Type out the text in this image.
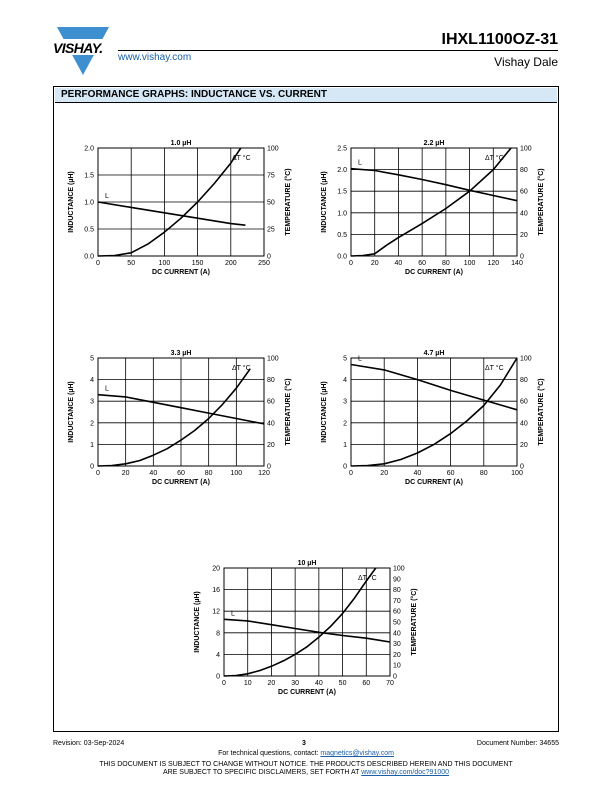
VISHAY.
www.vishay.com
IHXL1100OZ-31
Vishay Dale
PERFORMANCE GRAPHS: INDUCTANCE VS. CURRENT
1.0 µH
0	50	100	150	200	250
0.0
0.5
1.0
1.5
2.0
0
25
50
75
100
DC CURRENT (A)
INDUCTANCE (µH)	TEMPERATURE (°C)
L
ΔT °C
2.2 µH
0	20 40 60 80 100 120 140
0.0
0.5
1.0
1.5
2.0
2.5
0
20
40
60
80
100
DC CURRENT (A)
INDUCTANCE (µH)	TEMPERATURE (°C)
L
ΔT °C
3.3 µH
0	20	40	60	80	100 120
0
1
2
3
4
5
0
20
40
60
80
100
DC CURRENT (A)
INDUCTANCE (µH)	TEMPERATURE (°C)
L
ΔT °C
4.7 µH
0	20	40	60	80	100
0
1
2
3
4
5
0
20
40
60
80
100
DC CURRENT (A)
INDUCTANCE (µH)	TEMPERATURE (°C)
L
ΔT °C
10 µH
0	10 20 30 40 50 60 70
0
4
8
12
16
20
0
10
20
30
40
50
60
70
80
90
100
DC CURRENT (A)
INDUCTANCE (µH)	TEMPERATURE (°C)
L
ΔT °C
Revision: 03-Sep-2024	3	Document Number: 34655
For technical questions, contact: magnetics@vishay.com
THIS DOCUMENT IS SUBJECT TO CHANGE WITHOUT NOTICE. THE PRODUCTS DESCRIBED HEREIN AND THIS DOCUMENT
ARE SUBJECT TO SPECIFIC DISCLAIMERS, SET FORTH AT www.vishay.com/doc?91000
